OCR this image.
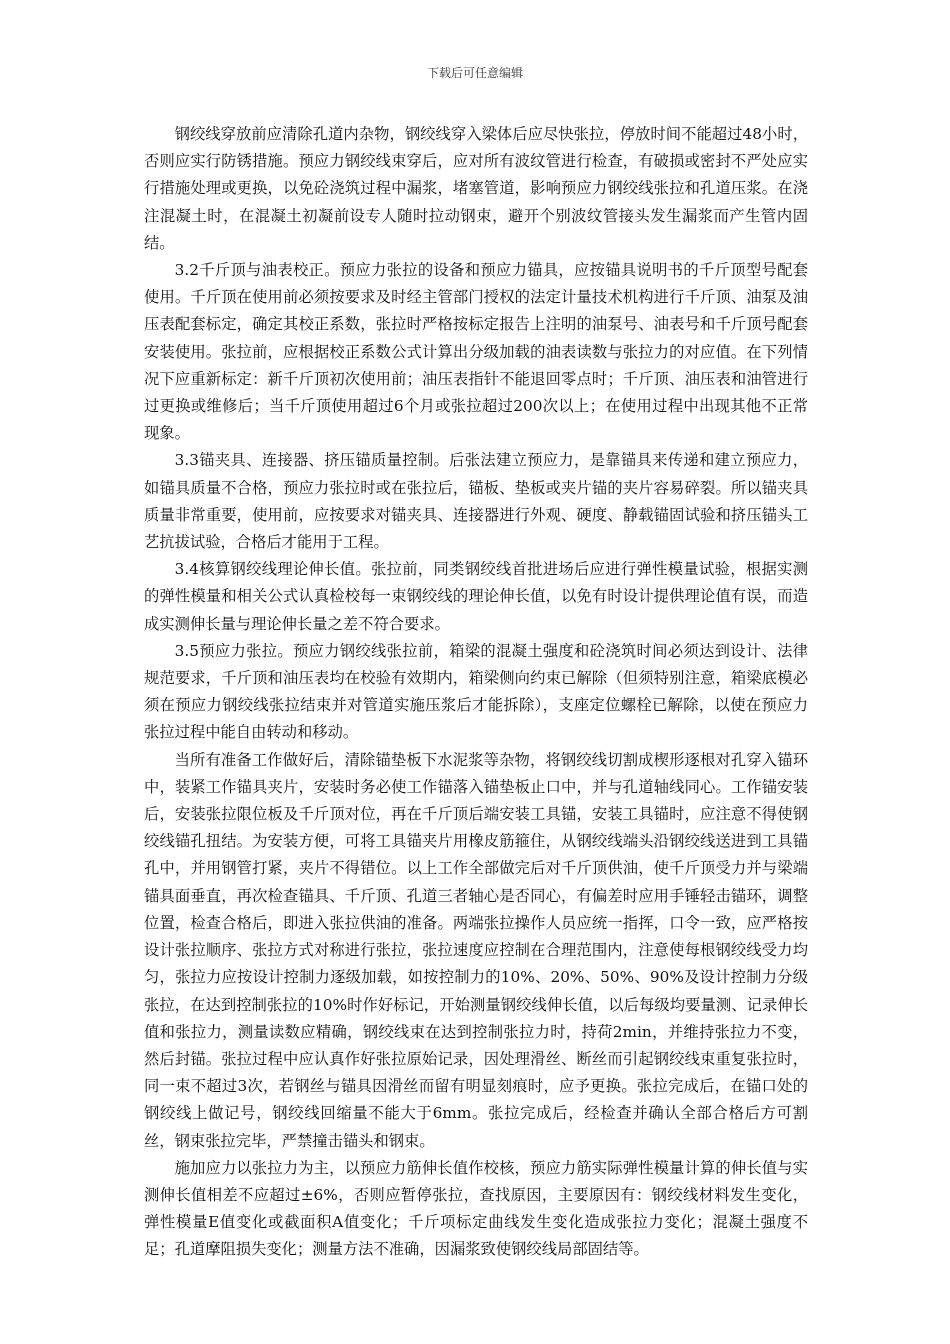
下载后可任意编辑

钢绞线穿放前应清除孔道内杂物，钢绞线穿入梁体后应尽快张拉，停放时间不能超过48小时，否则应实行防锈措施。预应力钢绞线束穿后，应对所有波纹管进行检查，有破损或密封不严处应实行措施处理或更换，以免砼浇筑过程中漏浆，堵塞管道，影响预应力钢绞线张拉和孔道压浆。在浇注混凝土时，在混凝土初凝前设专人随时拉动钢束，避开个别波纹管接头发生漏浆而产生管内固结。

3.2千斤顶与油表校正。预应力张拉的设备和预应力锚具，应按锚具说明书的千斤顶型号配套使用。千斤顶在使用前必须按要求及时经主管部门授权的法定计量技术机构进行千斤顶、油泵及油压表配套标定，确定其校正系数，张拉时严格按标定报告上注明的油泵号、油表号和千斤顶号配套安装使用。张拉前，应根据校正系数公式计算出分级加载的油表读数与张拉力的对应值。在下列情况下应重新标定：新千斤顶初次使用前；油压表指针不能退回零点时；千斤顶、油压表和油管进行过更换或维修后；当千斤顶使用超过6个月或张拉超过200次以上；在使用过程中出现其他不正常现象。

3.3锚夹具、连接器、挤压锚质量控制。后张法建立预应力，是靠锚具来传递和建立预应力，如锚具质量不合格，预应力张拉时或在张拉后，锚板、垫板或夹片锚的夹片容易碎裂。所以锚夹具质量非常重要，使用前，应按要求对锚夹具、连接器进行外观、硬度、静载锚固试验和挤压锚头工艺抗拔试验，合格后才能用于工程。

3.4核算钢绞线理论伸长值。张拉前，同类钢绞线首批进场后应进行弹性模量试验，根据实测的弹性模量和相关公式认真检校每一束钢绞线的理论伸长值，以免有时设计提供理论值有误，而造成实测伸长量与理论伸长量之差不符合要求。

3.5预应力张拉。预应力钢绞线张拉前，箱梁的混凝土强度和砼浇筑时间必须达到设计、法律规范要求，千斤顶和油压表均在校验有效期内，箱梁侧向约束已解除（但须特别注意，箱梁底模必须在预应力钢绞线张拉结束并对管道实施压浆后才能拆除），支座定位螺栓已解除，以使在预应力张拉过程中能自由转动和移动。

当所有准备工作做好后，清除锚垫板下水泥浆等杂物，将钢绞线切割成楔形逐根对孔穿入锚环中，装紧工作锚具夹片，安装时务必使工作锚落入锚垫板止口中，并与孔道轴线同心。工作锚安装后，安装张拉限位板及千斤顶对位，再在千斤顶后端安装工具锚，安装工具锚时，应注意不得使钢绞线锚孔扭结。为安装方便，可将工具锚夹片用橡皮筋箍住，从钢绞线端头沿钢绞线送进到工具锚孔中，并用钢管打紧，夹片不得错位。以上工作全部做完后对千斤顶供油，使千斤顶受力并与梁端锚具面垂直，再次检查锚具、千斤顶、孔道三者轴心是否同心，有偏差时应用手锤轻击锚环，调整位置，检查合格后，即进入张拉供油的准备。两端张拉操作人员应统一指挥，口令一致，应严格按设计张拉顺序、张拉方式对称进行张拉，张拉速度应控制在合理范围内，注意使每根钢绞线受力均匀，张拉力应按设计控制力逐级加载，如按控制力的10%、20%、50%、90%及设计控制力分级张拉，在达到控制张拉的10%时作好标记，开始测量钢绞线伸长值，以后每级均要量测、记录伸长值和张拉力，测量读数应精确，钢绞线束在达到控制张拉力时，持荷2min，并维持张拉力不变，然后封锚。张拉过程中应认真作好张拉原始记录，因处理滑丝、断丝而引起钢绞线束重复张拉时，同一束不超过3次，若钢丝与锚具因滑丝而留有明显刻痕时，应予更换。张拉完成后，在锚口处的钢绞线上做记号，钢绞线回缩量不能大于6mm。张拉完成后，经检查并确认全部合格后方可割丝，钢束张拉完毕，严禁撞击锚头和钢束。

施加应力以张拉力为主，以预应力筋伸长值作校核，预应力筋实际弹性模量计算的伸长值与实测伸长值相差不应超过±6%，否则应暂停张拉，查找原因，主要原因有：钢绞线材料发生变化，弹性模量E值变化或截面积A值变化；千斤项标定曲线发生变化造成张拉力变化；混凝土强度不足；孔道摩阻损失变化；测量方法不准确，因漏浆致使钢绞线局部固结等。
